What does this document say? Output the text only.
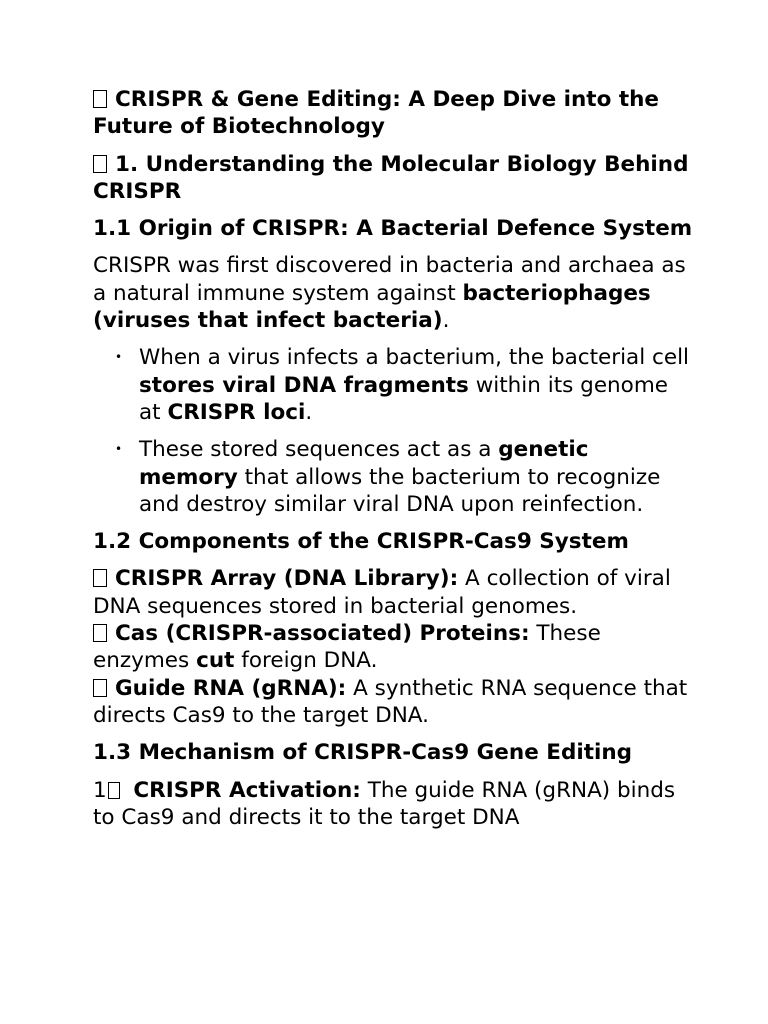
CRISPR & Gene Editing: A Deep Dive into the Future of Biotechnology
1. Understanding the Molecular Biology Behind CRISPR
1.1 Origin of CRISPR: A Bacterial Defence System
CRISPR was first discovered in bacteria and archaea as a natural immune system against bacteriophages (viruses that infect bacteria).
• When a virus infects a bacterium, the bacterial cell stores viral DNA fragments within its genome at CRISPR loci.
• These stored sequences act as a genetic memory that allows the bacterium to recognize and destroy similar viral DNA upon reinfection.
1.2 Components of the CRISPR-Cas9 System
CRISPR Array (DNA Library): A collection of viral DNA sequences stored in bacterial genomes.
Cas (CRISPR-associated) Proteins: These enzymes cut foreign DNA.
Guide RNA (gRNA): A synthetic RNA sequence that directs Cas9 to the target DNA.
1.3 Mechanism of CRISPR-Cas9 Gene Editing
1 CRISPR Activation: The guide RNA (gRNA) binds to Cas9 and directs it to the target DNA
